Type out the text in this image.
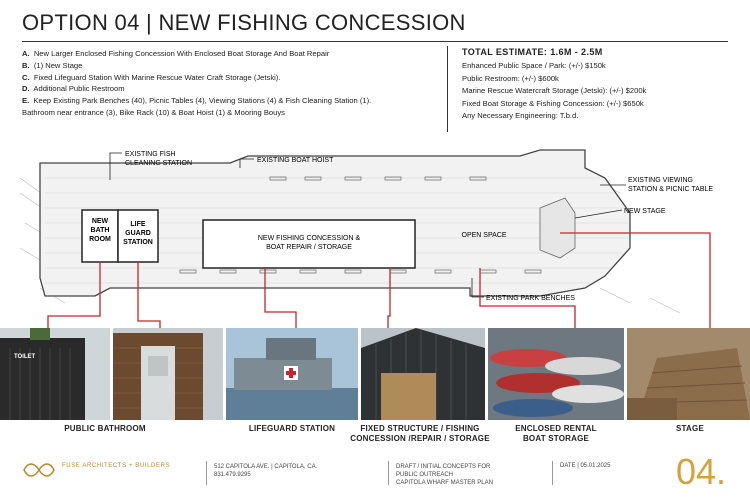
OPTION 04 | NEW FISHING CONCESSION
A. New Larger Enclosed Fishing Concession With Enclosed Boat Storage And Boat Repair
B. (1) New Stage
C. Fixed Lifeguard Station With Marine Rescue Water Craft Storage (Jetski).
D. Additional Public Restroom
E. Keep Existing Park Benches (40), Picnic Tables (4), Viewing Stations (4) & Fish Cleaning Station (1).
Bathroom near entrance (3), Bike Rack (10) & Boat Hoist (1) & Mooring Bouys
TOTAL ESTIMATE: 1.6M - 2.5M
Enhanced Public Space / Park: (+/-) $150k
Public Restroom: (+/-) $600k
Marine Rescue Watercraft Storage (Jetski): (+/-) $200k
Fixed Boat Storage & Fishing Concession: (+/-) $650k
Any Necessary Engineering: T.b.d.
NEW
BATH
ROOM
LIFE
GUARD
STATION
NEW FISHING CONCESSION &
BOAT REPAIR / STORAGE
OPEN SPACE
EXISTING FISH
CLEANING STATION	EXISTING BOAT HOIST
EXISTING VIEWING
STATION & PICNIC TABLE
NEW STAGE
EXISTING PARK BENCHES
TOILET
PUBLIC BATHROOM	LIFEGUARD STATION	FIXED STRUCTURE / FISHING
CONCESSION /REPAIR / STORAGE
ENCLOSED RENTAL
BOAT STORAGE
STAGE
FUSE ARCHITECTS + BUILDERS	512 CAPITOLA AVE. | CAPITOLA, CA.
831.479.9295
DRAFT / INITIAL CONCEPTS FOR
PUBLIC OUTREACH
CAPITOLA WHARF MASTER PLAN
DATE | 05.01.2025 04.
